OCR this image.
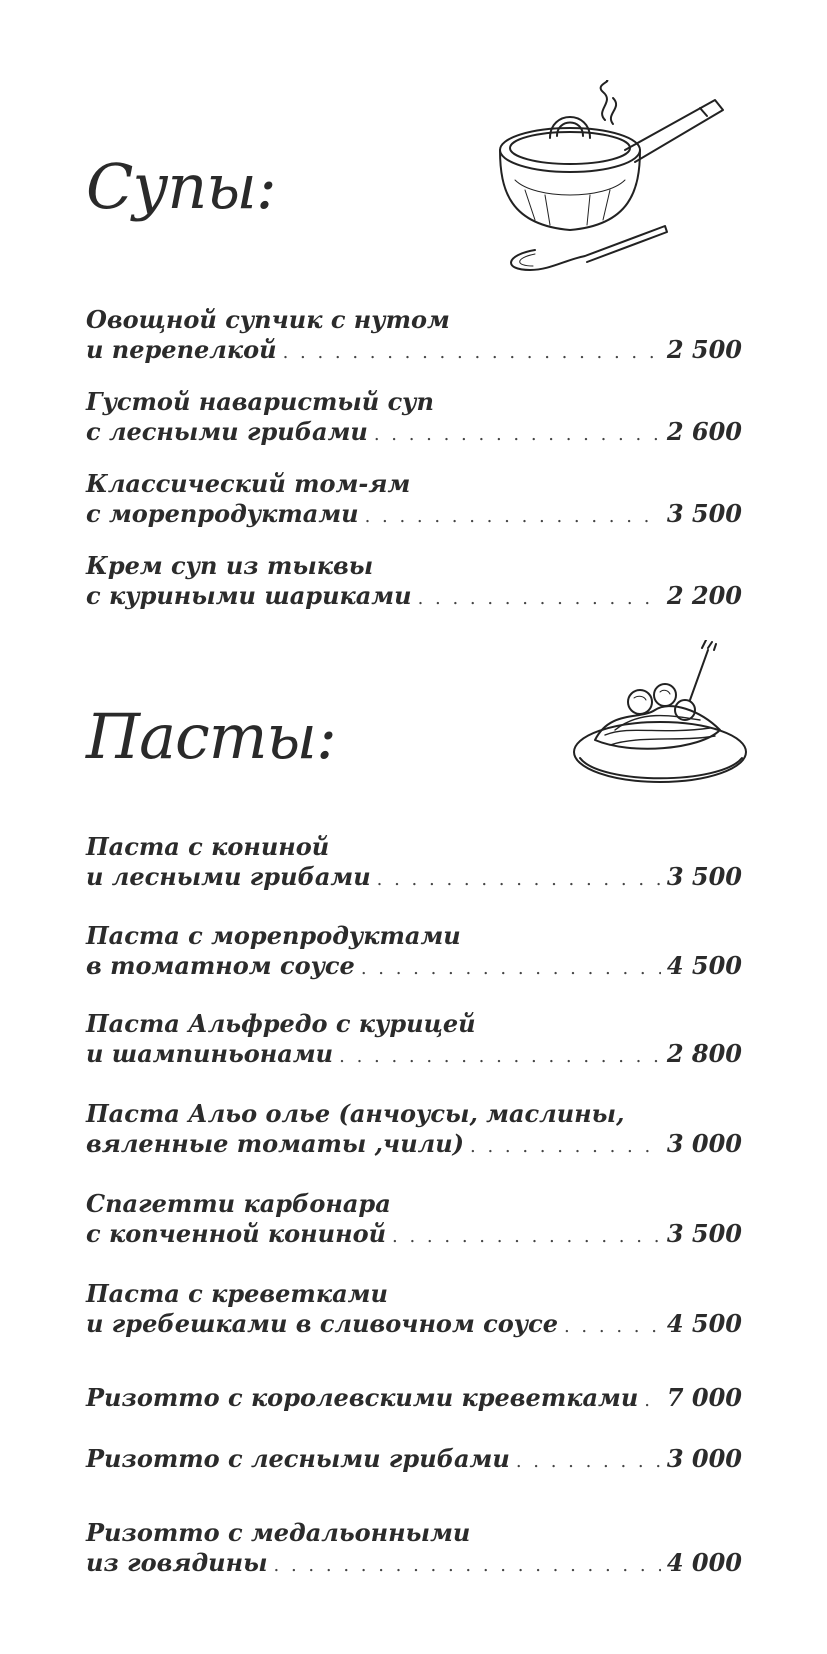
Супы:
Овощной супчик с нутом
и перепелкой . . .	2 500
Густой наваристый суп
с лесными грибами . . .	2 600
Классический том-ям
с морепродуктами . . .	3 500
Крем суп из тыквы
с куриными шариками . . .	2 200
Пасты:
Паста с кониной
и лесными грибами . . .	3 500
Паста с морепродуктами
в томатном соусе . . .	4 500
Паста Альфредо с курицей
и шампиньонами . . .	2 800
Паста Альо олье (анчоусы, маслины,
вяленные томаты ,чили) . . .	3 000
Спагетти карбонара
с копченной кониной . . .	3 500
Паста с креветками
и гребешками в сливочном соусе . . .	4 500
Ризотто с королевскими креветками . . . 7 000
Ризотто с лесными грибами . . .	3 000
Ризотто с медальонными
из говядины . . .	4 000
